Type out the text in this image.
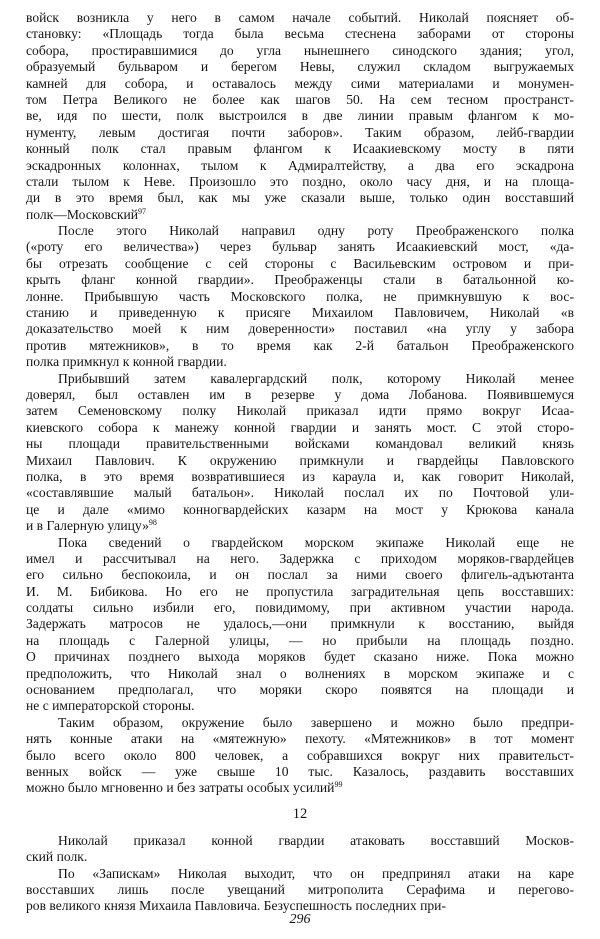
войск возникла у него в самом начале событий. Николай поясняет об-
становку: «Площадь тогда была весьма стеснена заборами от стороны
собора, простиравшимися до угла нынешнего синодского здания; угол,
образуемый бульваром и берегом Невы, служил складом выгружаемых
камней для собора, и оставалось между сими материалами и монумен-
том Петра Великого не более как шагов 50. На сем тесном пространст-
ве, идя по шести, полк выстроился в две линии правым флангом к мо-
нументу, левым достигая почти заборов». Таким образом, лейб-гвардии
конный полк стал правым флангом к Исаакиевскому мосту в пяти
эскадронных колоннах, тылом к Адмиралтейству, а два его эскадрона
стали тылом к Неве. Произошло это поздно, около часу дня, и на площа-
ди в это время был, как мы уже сказали выше, только один восставший
полк—Московский$^{97}$
После этого Николай направил одну роту Преображенского полка
(«роту его величества») через бульвар занять Исаакиевский мост, «да-
бы отрезать сообщение с сей стороны с Васильевским островом и при-
крыть фланг конной гвардии». Преображенцы стали в батальонной ко-
лонне. Прибывшую часть Московского полка, не примкнувшую к вос-
станию и приведенную к присяге Михаилом Павловичем, Николай «в
доказательство моей к ним доверенности» поставил «на углу у забора
против мятежников», в то время как 2-й батальон Преображенского
полка примкнул к конной гвардии.
Прибывший затем кавалергардский полк, которому Николай менее
доверял, был оставлен им в резерве у дома Лобанова. Появившемуся
затем Семеновскому полку Николай приказал идти прямо вокруг Исаа-
киевского собора к манежу конной гвардии и занять мост. С этой сторо-
ны площади правительственными войсками командовал великий князь
Михаил Павлович. К окружению примкнули и гвардейцы Павловского
полка, в это время возвратившиеся из караула и, как говорит Николай,
«составлявшие малый батальон». Николай послал их по Почтовой ули-
це и дале «мимо конногвардейских казарм на мост у Крюкова канала
и в Галерную улицу»$^{98}$
Пока сведений о гвардейском морском экипаже Николай еще не
имел и рассчитывал на него. Задержка с приходом моряков-гвардейцев
его сильно беспокоила, и он послал за ними своего флигель-адъютанта
И. М. Бибикова. Но его не пропустила заградительная цепь восставших:
солдаты сильно избили его, повидимому, при активном участии народа.
Задержать матросов не удалось,—они примкнули к восстанию, выйдя
на площадь с Галерной улицы, — но прибыли на площадь поздно.
О причинах позднего выхода моряков будет сказано ниже. Пока можно
предположить, что Николай знал о волнениях в морском экипаже и с
основанием предполагал, что моряки скоро появятся на площади и
не с императорской стороны.
Таким образом, окружение было завершено и можно было предпри-
нять конные атаки на «мятежную» пехоту. «Мятежников» в тот момент
было всего около 800 человек, а собравшихся вокруг них правительст-
венных войск — уже свыше 10 тыс. Казалось, раздавить восставших
можно было мгновенно и без затраты особых усилий$^{99}$
12
Николай приказал конной гвардии атаковать восставший Москов-
ский полк.
По «Запискам» Николая выходит, что он предпринял атаки на каре
восставших лишь после увещаний митрополита Серафима и перегово-
ров великого князя Михаила Павловича. Безуспешность последних при-
296
